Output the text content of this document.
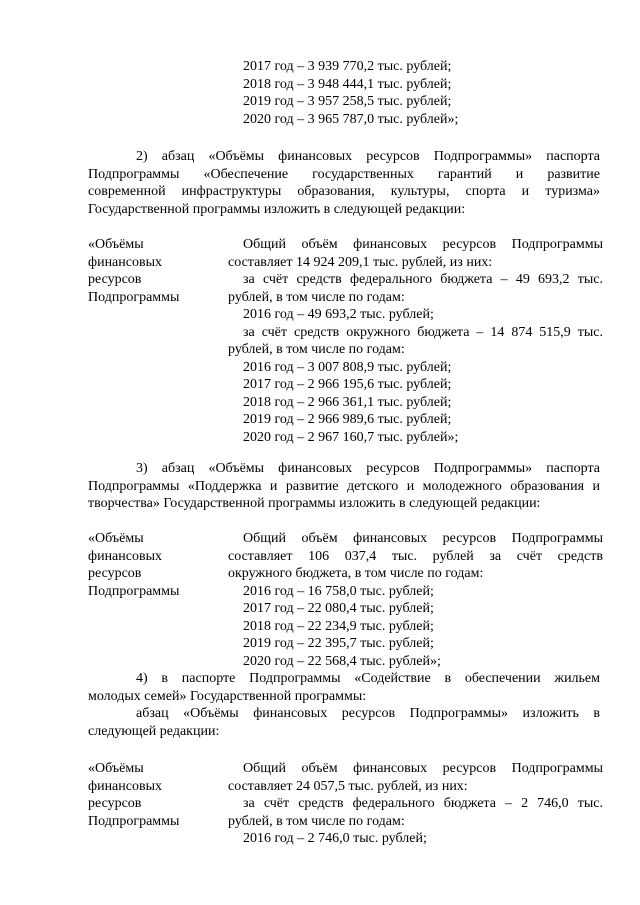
2017 год – 3 939 770,2 тыс. рублей;
2018 год – 3 948 444,1 тыс. рублей;
2019 год – 3 957 258,5 тыс. рублей;
2020 год – 3 965 787,0 тыс. рублей»;
2) абзац «Объёмы финансовых ресурсов Подпрограммы» паспорта
Подпрограммы «Обеспечение государственных гарантий и развитие
современной инфраструктуры образования, культуры, спорта и туризма»
Государственной программы изложить в следующей редакции:
«Объёмы
финансовых
ресурсов
Подпрограммы
Общий объём финансовых ресурсов Подпрограммы
составляет 14 924 209,1 тыс. рублей, из них:
за счёт средств федерального бюджета – 49 693,2 тыс.
рублей, в том числе по годам:
2016 год – 49 693,2 тыс. рублей;
за счёт средств окружного бюджета – 14 874 515,9 тыс.
рублей, в том числе по годам:
2016 год – 3 007 808,9 тыс. рублей;
2017 год – 2 966 195,6 тыс. рублей;
2018 год – 2 966 361,1 тыс. рублей;
2019 год – 2 966 989,6 тыс. рублей;
2020 год – 2 967 160,7 тыс. рублей»;
3) абзац «Объёмы финансовых ресурсов Подпрограммы» паспорта
Подпрограммы «Поддержка и развитие детского и молодежного образования и
творчества» Государственной программы изложить в следующей редакции:
«Объёмы
финансовых
ресурсов
Подпрограммы
Общий объём финансовых ресурсов Подпрограммы
составляет 106 037,4 тыс. рублей за счёт средств
окружного бюджета, в том числе по годам:
2016 год – 16 758,0 тыс. рублей;
2017 год – 22 080,4 тыс. рублей;
2018 год – 22 234,9 тыс. рублей;
2019 год – 22 395,7 тыс. рублей;
2020 год – 22 568,4 тыс. рублей»;
4) в паспорте Подпрограммы «Содействие в обеспечении жильем
молодых семей» Государственной программы:
абзац «Объёмы финансовых ресурсов Подпрограммы» изложить в
следующей редакции:
«Объёмы
финансовых
ресурсов
Подпрограммы
Общий объём финансовых ресурсов Подпрограммы
составляет 24 057,5 тыс. рублей, из них:
за счёт средств федерального бюджета – 2 746,0 тыс.
рублей, в том числе по годам:
2016 год – 2 746,0 тыс. рублей;
